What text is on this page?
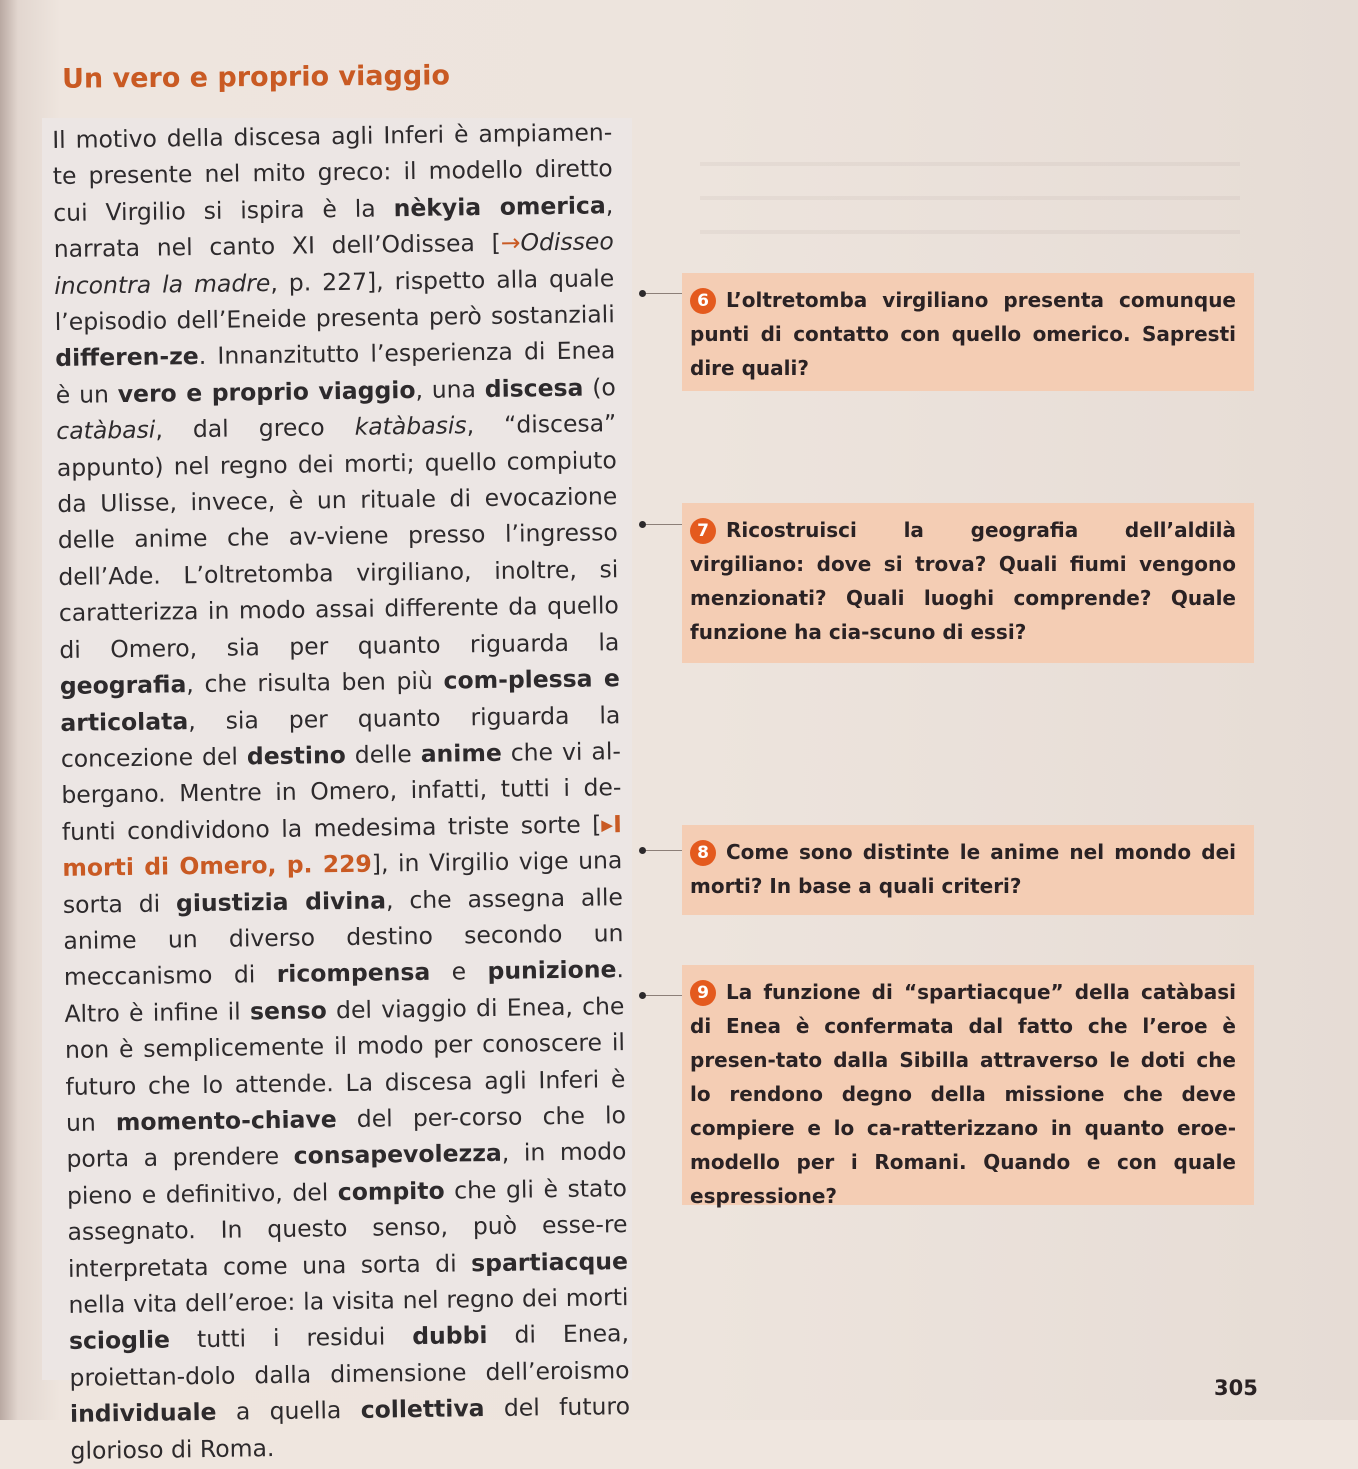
Un vero e proprio viaggio

Il motivo della discesa agli Inferi è ampiamen-te presente nel mito greco: il modello diretto cui Virgilio si ispira è la nèkyia omerica, narrata nel canto XI dell’Odissea [→Odisseo incontra la madre, p. 227], rispetto alla quale l’episodio dell’Eneide presenta però sostanziali differen-ze. Innanzitutto l’esperienza di Enea è un vero e proprio viaggio, una discesa (o catàbasi, dal greco katàbasis, “discesa” appunto) nel regno dei morti; quello compiuto da Ulisse, invece, è un rituale di evocazione delle anime che av-viene presso l’ingresso dell’Ade. L’oltretomba virgiliano, inoltre, si caratterizza in modo assai differente da quello di Omero, sia per quanto riguarda la geografia, che risulta ben più com-plessa e articolata, sia per quanto riguarda la concezione del destino delle anime che vi al-bergano. Mentre in Omero, infatti, tutti i de-funti condividono la medesima triste sorte [▸I morti di Omero, p. 229], in Virgilio vige una sorta di giustizia divina, che assegna alle anime un diverso destino secondo un meccanismo di ricompensa e punizione. Altro è infine il senso del viaggio di Enea, che non è semplicemente il modo per conoscere il futuro che lo attende. La discesa agli Inferi è un momento-chiave del per-corso che lo porta a prendere consapevolezza, in modo pieno e definitivo, del compito che gli è stato assegnato. In questo senso, può esse-re interpretata come una sorta di spartiacque nella vita dell’eroe: la visita nel regno dei morti scioglie tutti i residui dubbi di Enea, proiettan-dolo dalla dimensione dell’eroismo individuale a quella collettiva del futuro glorioso di Roma.

6 L’oltretomba virgiliano presenta comunque punti di contatto con quello omerico. Sapresti dire quali?
7 Ricostruisci la geografia dell’aldilà virgiliano: dove si trova? Quali fiumi vengono menzionati? Quali luoghi comprende? Quale funzione ha cia-scuno di essi?
8 Come sono distinte le anime nel mondo dei morti? In base a quali criteri?
9 La funzione di “spartiacque” della catàbasi di Enea è confermata dal fatto che l’eroe è presen-tato dalla Sibilla attraverso le doti che lo rendono degno della missione che deve compiere e lo ca-ratterizzano in quanto eroe-modello per i Romani. Quando e con quale espressione?
305
